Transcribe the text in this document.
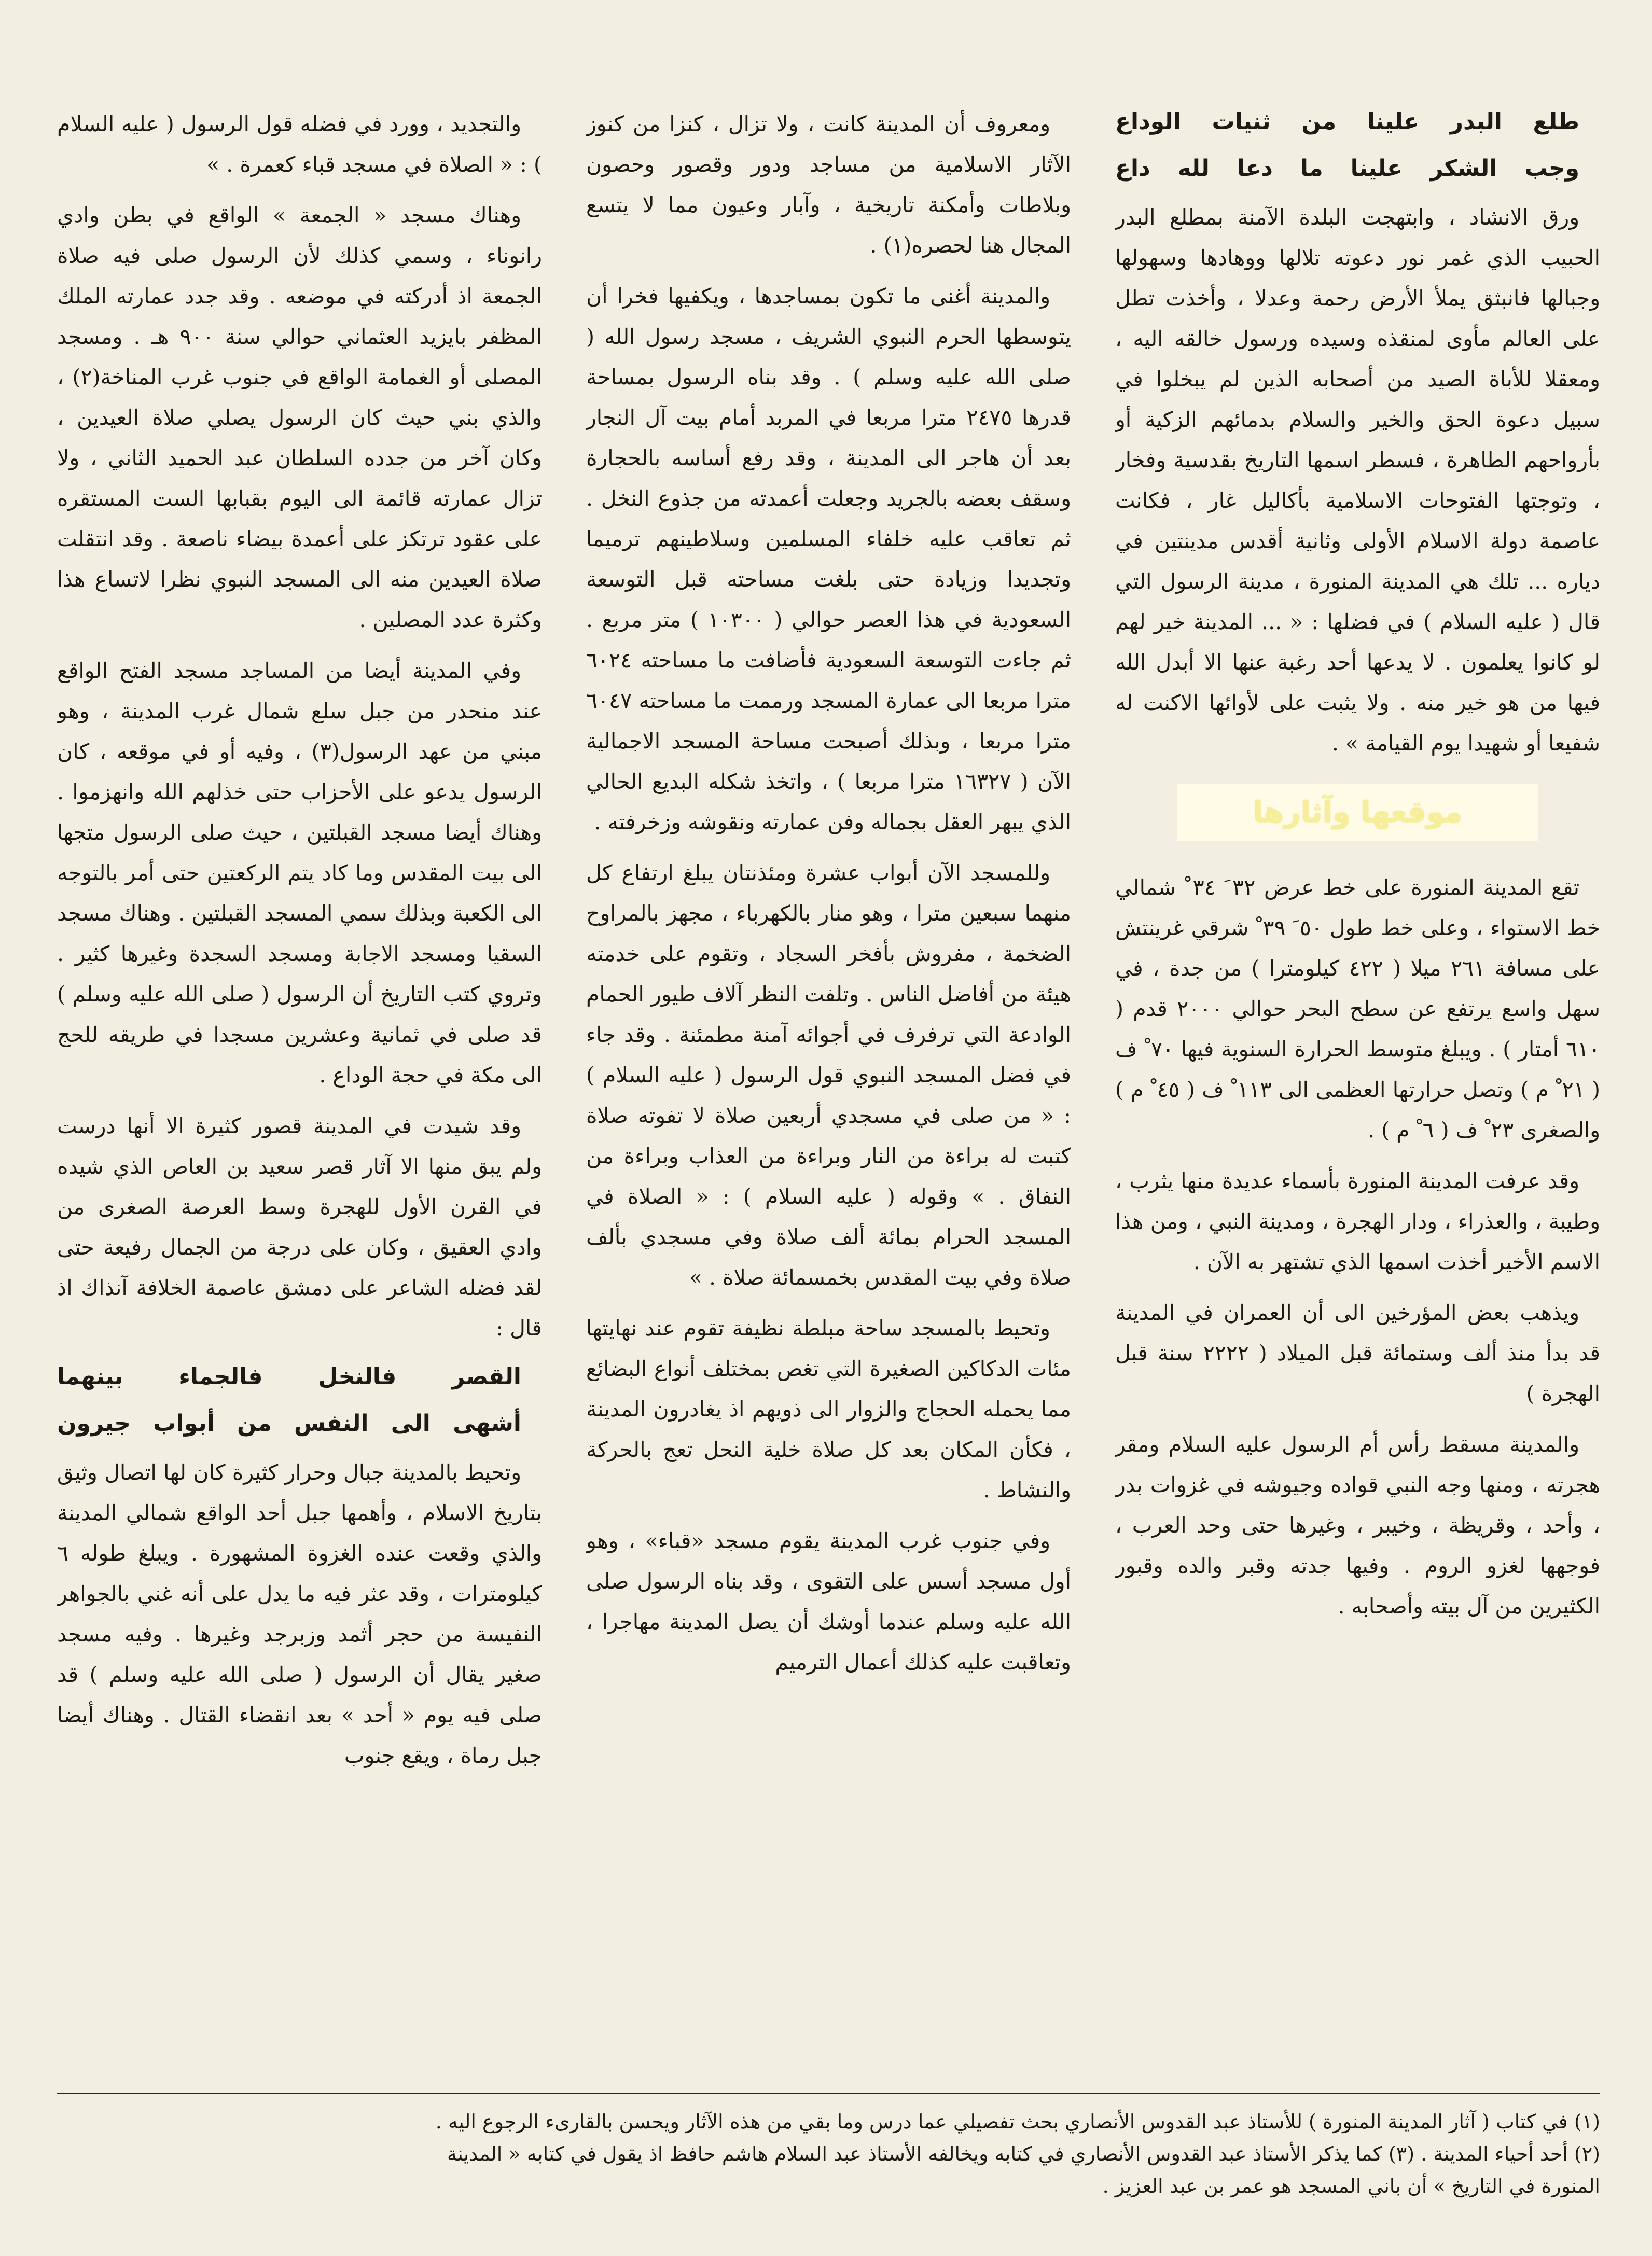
طلع البدر علينا من ثنيات الوداع

وجب الشكر علينا ما دعا لله داع

ورق الانشاد ، وابتهجت البلدة الآمنة بمطلع البدر الحبيب الذي غمر نور دعوته تلالها ووهادها وسهولها وجبالها فانبثق يملأ الأرض رحمة وعدلا ، وأخذت تطل على العالم مأوى لمنقذه وسيده ورسول خالقه اليه ، ومعقلا للأباة الصيد من أصحابه الذين لم يبخلوا في سبيل دعوة الحق والخير والسلام بدمائهم الزكية أو بأرواحهم الطاهرة ، فسطر اسمها التاريخ بقدسية وفخار ، وتوجتها الفتوحات الاسلامية بأكاليل غار ، فكانت عاصمة دولة الاسلام الأولى وثانية أقدس مدينتين في دياره ... تلك هي المدينة المنورة ، مدينة الرسول التي قال ( عليه السلام ) في فضلها : « ... المدينة خير لهم لو كانوا يعلمون . لا يدعها أحد رغبة عنها الا أبدل الله فيها من هو خير منه . ولا يثبت على لأوائها الاكنت له شفيعا أو شهيدا يوم القيامة » .

موقعها وآثارها

تقع المدينة المنورة على خط عرض ٣٢ َ ٣٤ ْ شمالي خط الاستواء ، وعلى خط طول ٥٠ َ ٣٩ ْ شرقي غرينتش على مسافة ٢٦١ ميلا ( ٤٢٢ كيلومترا ) من جدة ، في سهل واسع يرتفع عن سطح البحر حوالي ٢٠٠٠ قدم ( ٦١٠ أمتار ) . ويبلغ متوسط الحرارة السنوية فيها ٧٠ ْ ف ( ٢١ ْ م ) وتصل حرارتها العظمى الى ١١٣ ْ ف ( ٤٥ ْ م ) والصغرى ٢٣ ْ ف ( ٦ ْ م ) .

وقد عرفت المدينة المنورة بأسماء عديدة منها يثرب ، وطيبة ، والعذراء ، ودار الهجرة ، ومدينة النبي ، ومن هذا الاسم الأخير أخذت اسمها الذي تشتهر به الآن .

ويذهب بعض المؤرخين الى أن العمران في المدينة قد بدأ منذ ألف وستمائة قبل الميلاد ( ٢٢٢٢ سنة قبل الهجرة )

والمدينة مسقط رأس أم الرسول عليه السلام ومقر هجرته ، ومنها وجه النبي قواده وجيوشه في غزوات بدر ، وأحد ، وقريظة ، وخيبر ، وغيرها حتى وحد العرب ، فوجهها لغزو الروم . وفيها جدته وقبر والده وقبور الكثيرين من آل بيته وأصحابه .

ومعروف أن المدينة كانت ، ولا تزال ، كنزا من كنوز الآثار الاسلامية من مساجد ودور وقصور وحصون وبلاطات وأمكنة تاريخية ، وآبار وعيون مما لا يتسع المجال هنا لحصره(١) .

والمدينة أغنى ما تكون بمساجدها ، ويكفيها فخرا أن يتوسطها الحرم النبوي الشريف ، مسجد رسول الله ( صلى الله عليه وسلم ) . وقد بناه الرسول بمساحة قدرها ٢٤٧٥ مترا مربعا في المربد أمام بيت آل النجار بعد أن هاجر الى المدينة ، وقد رفع أساسه بالحجارة وسقف بعضه بالجريد وجعلت أعمدته من جذوع النخل . ثم تعاقب عليه خلفاء المسلمين وسلاطينهم ترميما وتجديدا وزيادة حتى بلغت مساحته قبل التوسعة السعودية في هذا العصر حوالي ( ١٠٣٠٠ ) متر مربع . ثم جاءت التوسعة السعودية فأضافت ما مساحته ٦٠٢٤ مترا مربعا الى عمارة المسجد ورممت ما مساحته ٦٠٤٧ مترا مربعا ، وبذلك أصبحت مساحة المسجد الاجمالية الآن ( ١٦٣٢٧ مترا مربعا ) ، واتخذ شكله البديع الحالي الذي يبهر العقل بجماله وفن عمارته ونقوشه وزخرفته .

وللمسجد الآن أبواب عشرة ومئذنتان يبلغ ارتفاع كل منهما سبعين مترا ، وهو منار بالكهرباء ، مجهز بالمراوح الضخمة ، مفروش بأفخر السجاد ، وتقوم على خدمته هيئة من أفاضل الناس . وتلفت النظر آلاف طيور الحمام الوادعة التي ترفرف في أجوائه آمنة مطمئنة . وقد جاء في فضل المسجد النبوي قول الرسول ( عليه السلام ) : « من صلى في مسجدي أربعين صلاة لا تفوته صلاة كتبت له براءة من النار وبراءة من العذاب وبراءة من النفاق . » وقوله ( عليه السلام ) : « الصلاة في المسجد الحرام بمائة ألف صلاة وفي مسجدي بألف صلاة وفي بيت المقدس بخمسمائة صلاة . »

وتحيط بالمسجد ساحة مبلطة نظيفة تقوم عند نهايتها مئات الدكاكين الصغيرة التي تغص بمختلف أنواع البضائع مما يحمله الحجاج والزوار الى ذويهم اذ يغادرون المدينة ، فكأن المكان بعد كل صلاة خلية النحل تعج بالحركة والنشاط .

وفي جنوب غرب المدينة يقوم مسجد «قباء» ، وهو أول مسجد أسس على التقوى ، وقد بناه الرسول صلى الله عليه وسلم عندما أوشك أن يصل المدينة مهاجرا ، وتعاقبت عليه كذلك أعمال الترميم

والتجديد ، وورد في فضله قول الرسول ( عليه السلام ) : « الصلاة في مسجد قباء كعمرة . »

وهناك مسجد « الجمعة » الواقع في بطن وادي رانوناء ، وسمي كذلك لأن الرسول صلى فيه صلاة الجمعة اذ أدركته في موضعه . وقد جدد عمارته الملك المظفر بايزيد العثماني حوالي سنة ٩٠٠ هـ . ومسجد المصلى أو الغمامة الواقع في جنوب غرب المناخة(٢) ، والذي بني حيث كان الرسول يصلي صلاة العيدين ، وكان آخر من جدده السلطان عبد الحميد الثاني ، ولا تزال عمارته قائمة الى اليوم بقبابها الست المستقره على عقود ترتكز على أعمدة بيضاء ناصعة . وقد انتقلت صلاة العيدين منه الى المسجد النبوي نظرا لاتساع هذا وكثرة عدد المصلين .

وفي المدينة أيضا من المساجد مسجد الفتح الواقع عند منحدر من جبل سلع شمال غرب المدينة ، وهو مبني من عهد الرسول(٣) ، وفيه أو في موقعه ، كان الرسول يدعو على الأحزاب حتى خذلهم الله وانهزموا . وهناك أيضا مسجد القبلتين ، حيث صلى الرسول متجها الى بيت المقدس وما كاد يتم الركعتين حتى أمر بالتوجه الى الكعبة وبذلك سمي المسجد القبلتين . وهناك مسجد السقيا ومسجد الاجابة ومسجد السجدة وغيرها كثير . وتروي كتب التاريخ أن الرسول ( صلى الله عليه وسلم ) قد صلى في ثمانية وعشرين مسجدا في طريقه للحج الى مكة في حجة الوداع .

وقد شيدت في المدينة قصور كثيرة الا أنها درست ولم يبق منها الا آثار قصر سعيد بن العاص الذي شيده في القرن الأول للهجرة وسط العرصة الصغرى من وادي العقيق ، وكان على درجة من الجمال رفيعة حتى لقد فضله الشاعر على دمشق عاصمة الخلافة آنذاك اذ قال :

القصر فالنخل فالجماء بينهما

أشهى الى النفس من أبواب جيرون

وتحيط بالمدينة جبال وحرار كثيرة كان لها اتصال وثيق بتاريخ الاسلام ، وأهمها جبل أحد الواقع شمالي المدينة والذي وقعت عنده الغزوة المشهورة . ويبلغ طوله ٦ كيلومترات ، وقد عثر فيه ما يدل على أنه غني بالجواهر النفيسة من حجر أثمد وزبرجد وغيرها . وفيه مسجد صغير يقال أن الرسول ( صلى الله عليه وسلم ) قد صلى فيه يوم « أحد » بعد انقضاء القتال . وهناك أيضا جبل رماة ، ويقع جنوب

(١) في كتاب ( آثار المدينة المنورة ) للأستاذ عبد القدوس الأنصاري بحث تفصيلي عما درس وما بقي من هذه الآثار ويحسن بالقارىء الرجوع اليه .
(٢) أحد أحياء المدينة . (٣) كما يذكر الأستاذ عبد القدوس الأنصاري في كتابه ويخالفه الأستاذ عبد السلام هاشم حافظ اذ يقول في كتابه « المدينة
المنورة في التاريخ » أن باني المسجد هو عمر بن عبد العزيز .
